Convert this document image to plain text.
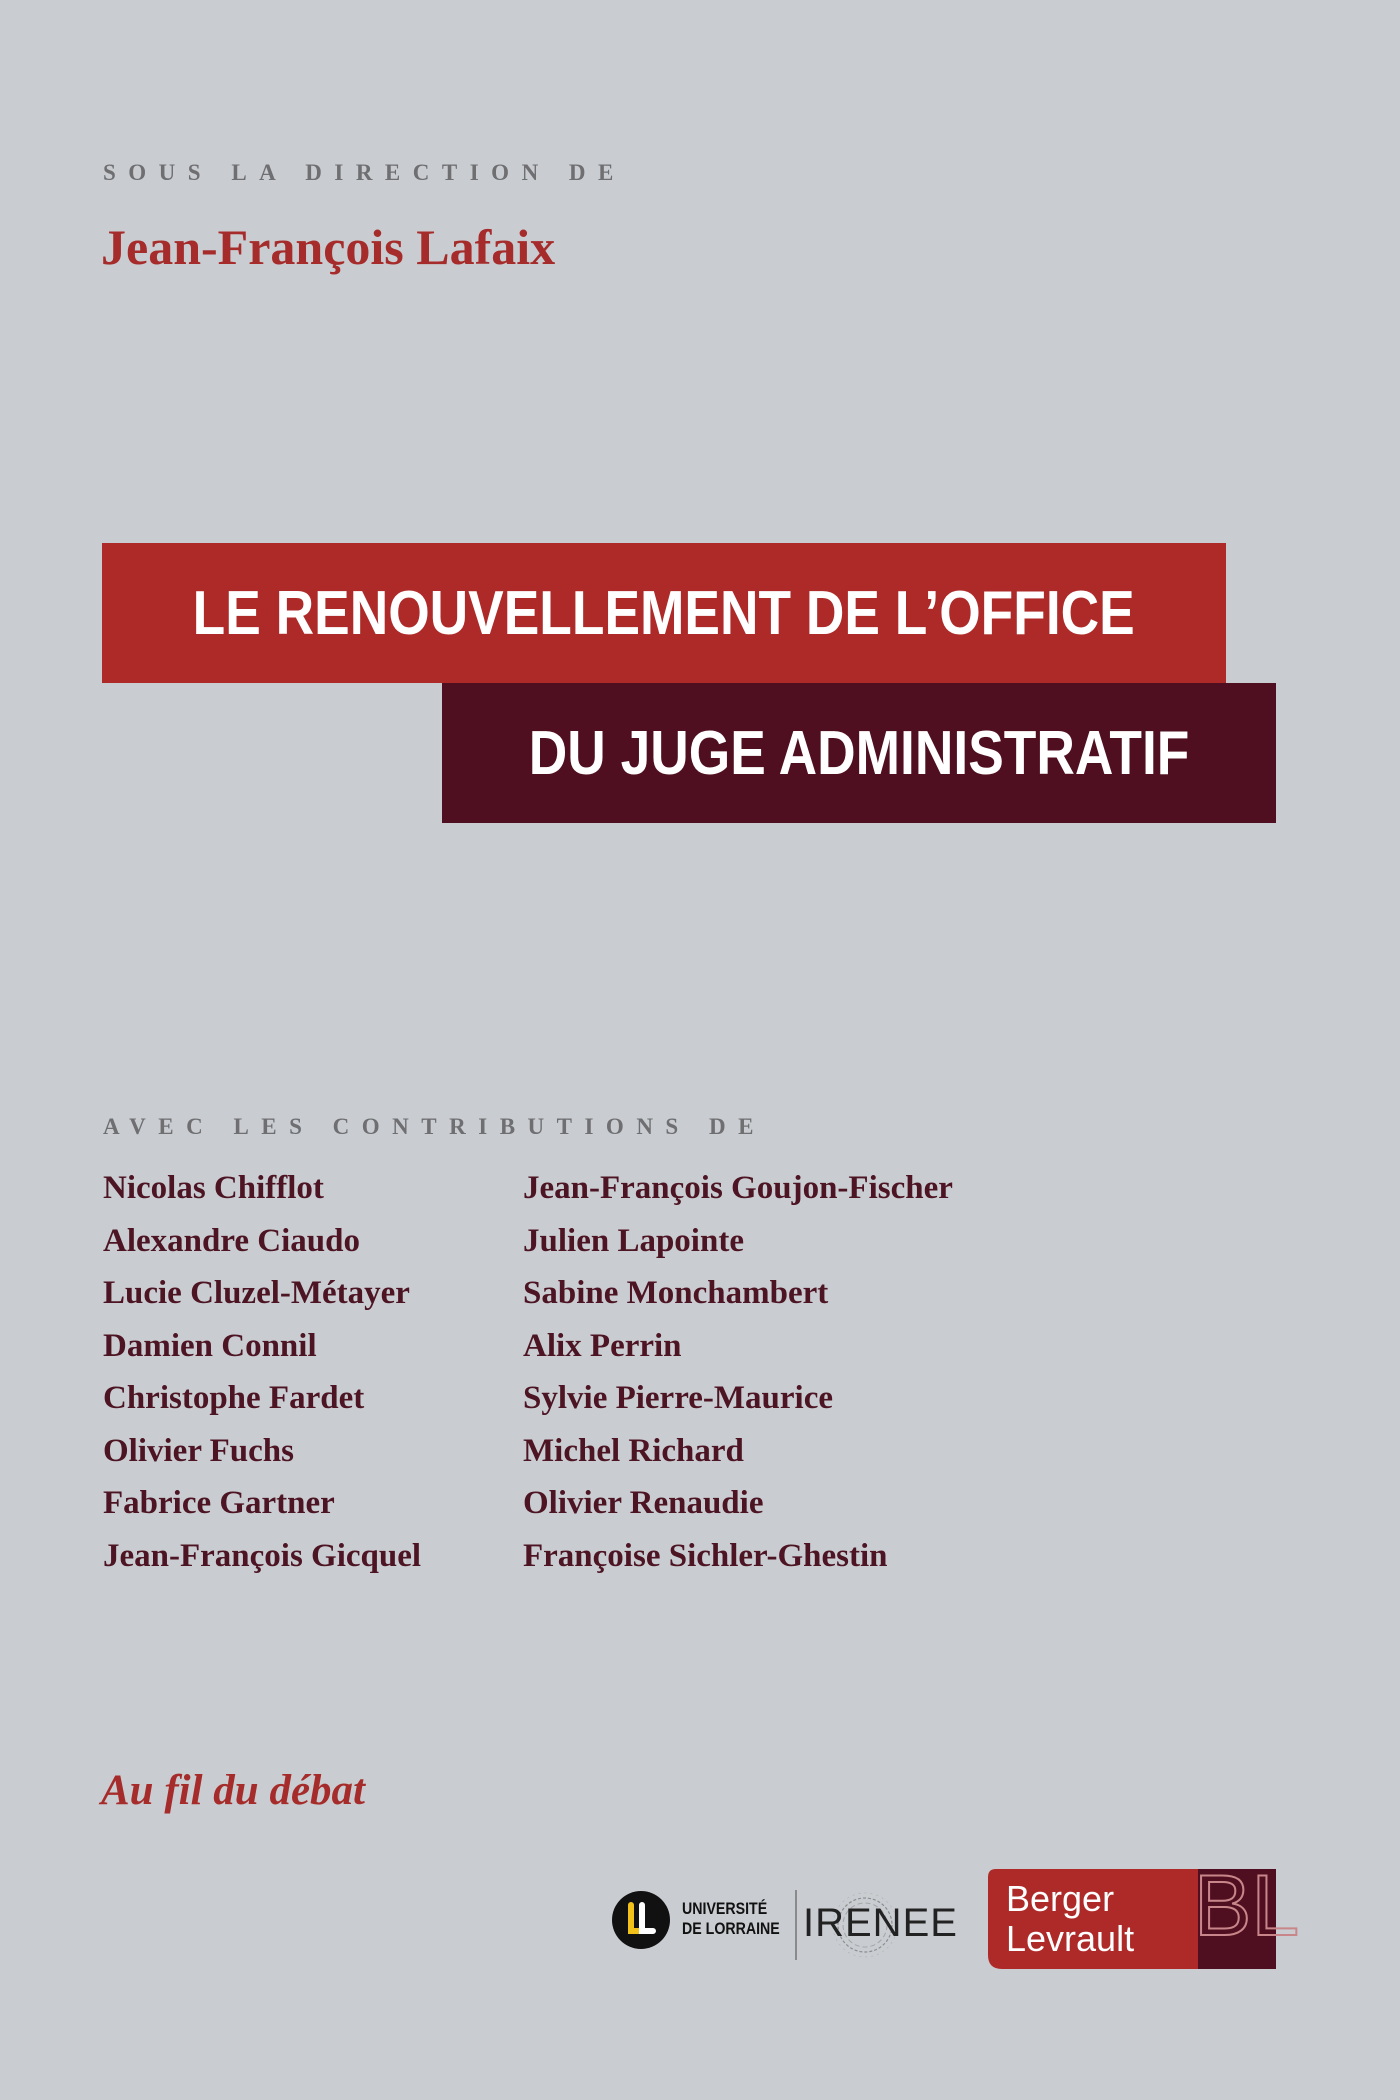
SOUS LA DIRECTION DE
Jean-François Lafaix
LE RENOUVELLEMENT DE L’OFFICE
DU JUGE ADMINISTRATIF
AVEC LES CONTRIBUTIONS DE
Nicolas Chifflot
Alexandre Ciaudo
Lucie Cluzel-Métayer
Damien Connil
Christophe Fardet
Olivier Fuchs
Fabrice Gartner
Jean-François Gicquel
Jean-François Goujon-Fischer
Julien Lapointe
Sabine Monchambert
Alix Perrin
Sylvie Pierre-Maurice
Michel Richard
Olivier Renaudie
Françoise Sichler-Ghestin
Au fil du débat
UNIVERSITÉ
DE LORRAINE IRENEE	BL
Berger
Levrault
